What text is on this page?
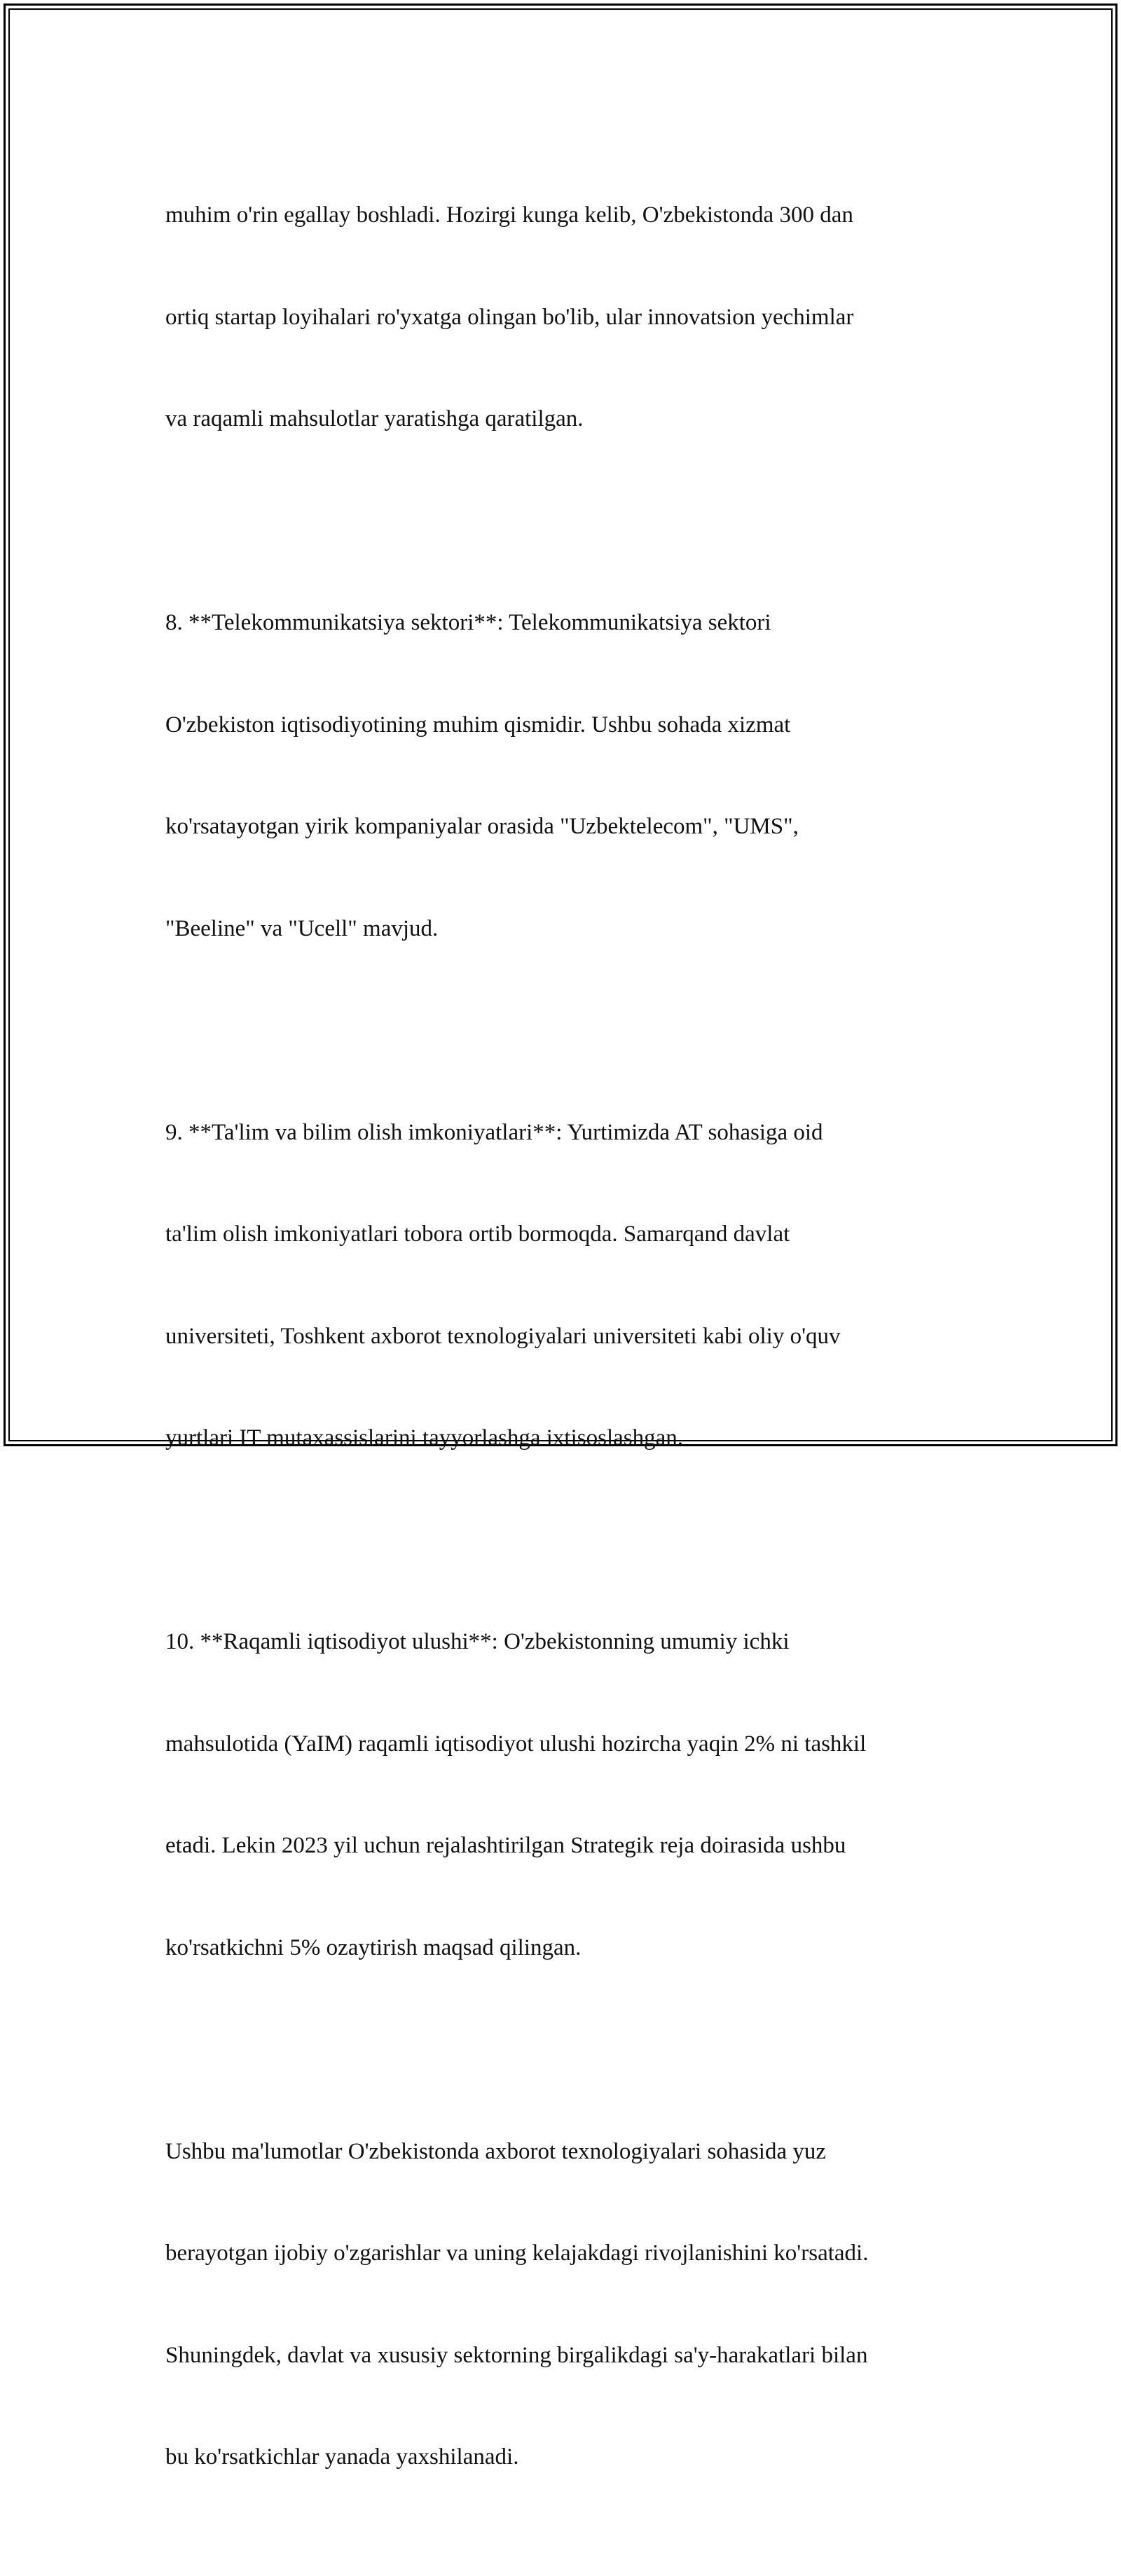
muhim o'rin egallay boshladi. Hozirgi kunga kelib, O'zbekistonda 300 dan

ortiq startap loyihalari ro'yxatga olingan bo'lib, ular innovatsion yechimlar

va raqamli mahsulotlar yaratishga qaratilgan.

8. **Telekommunikatsiya sektori**: Telekommunikatsiya sektori

O'zbekiston iqtisodiyotining muhim qismidir. Ushbu sohada xizmat

ko'rsatayotgan yirik kompaniyalar orasida "Uzbektelecom", "UMS",

"Beeline" va "Ucell" mavjud.

9. **Ta'lim va bilim olish imkoniyatlari**: Yurtimizda AT sohasiga oid

ta'lim olish imkoniyatlari tobora ortib bormoqda. Samarqand davlat

universiteti, Toshkent axborot texnologiyalari universiteti kabi oliy o'quv

yurtlari IT mutaxassislarini tayyorlashga ixtisoslashgan.

10. **Raqamli iqtisodiyot ulushi**: O'zbekistonning umumiy ichki

mahsulotida (YaIM) raqamli iqtisodiyot ulushi hozircha yaqin 2% ni tashkil

etadi. Lekin 2023 yil uchun rejalashtirilgan Strategik reja doirasida ushbu

ko'rsatkichni 5% ozaytirish maqsad qilingan.

Ushbu ma'lumotlar O'zbekistonda axborot texnologiyalari sohasida yuz

berayotgan ijobiy o'zgarishlar va uning kelajakdagi rivojlanishini ko'rsatadi.

Shuningdek, davlat va xususiy sektorning birgalikdagi sa'y-harakatlari bilan

bu ko'rsatkichlar yanada yaxshilanadi.
